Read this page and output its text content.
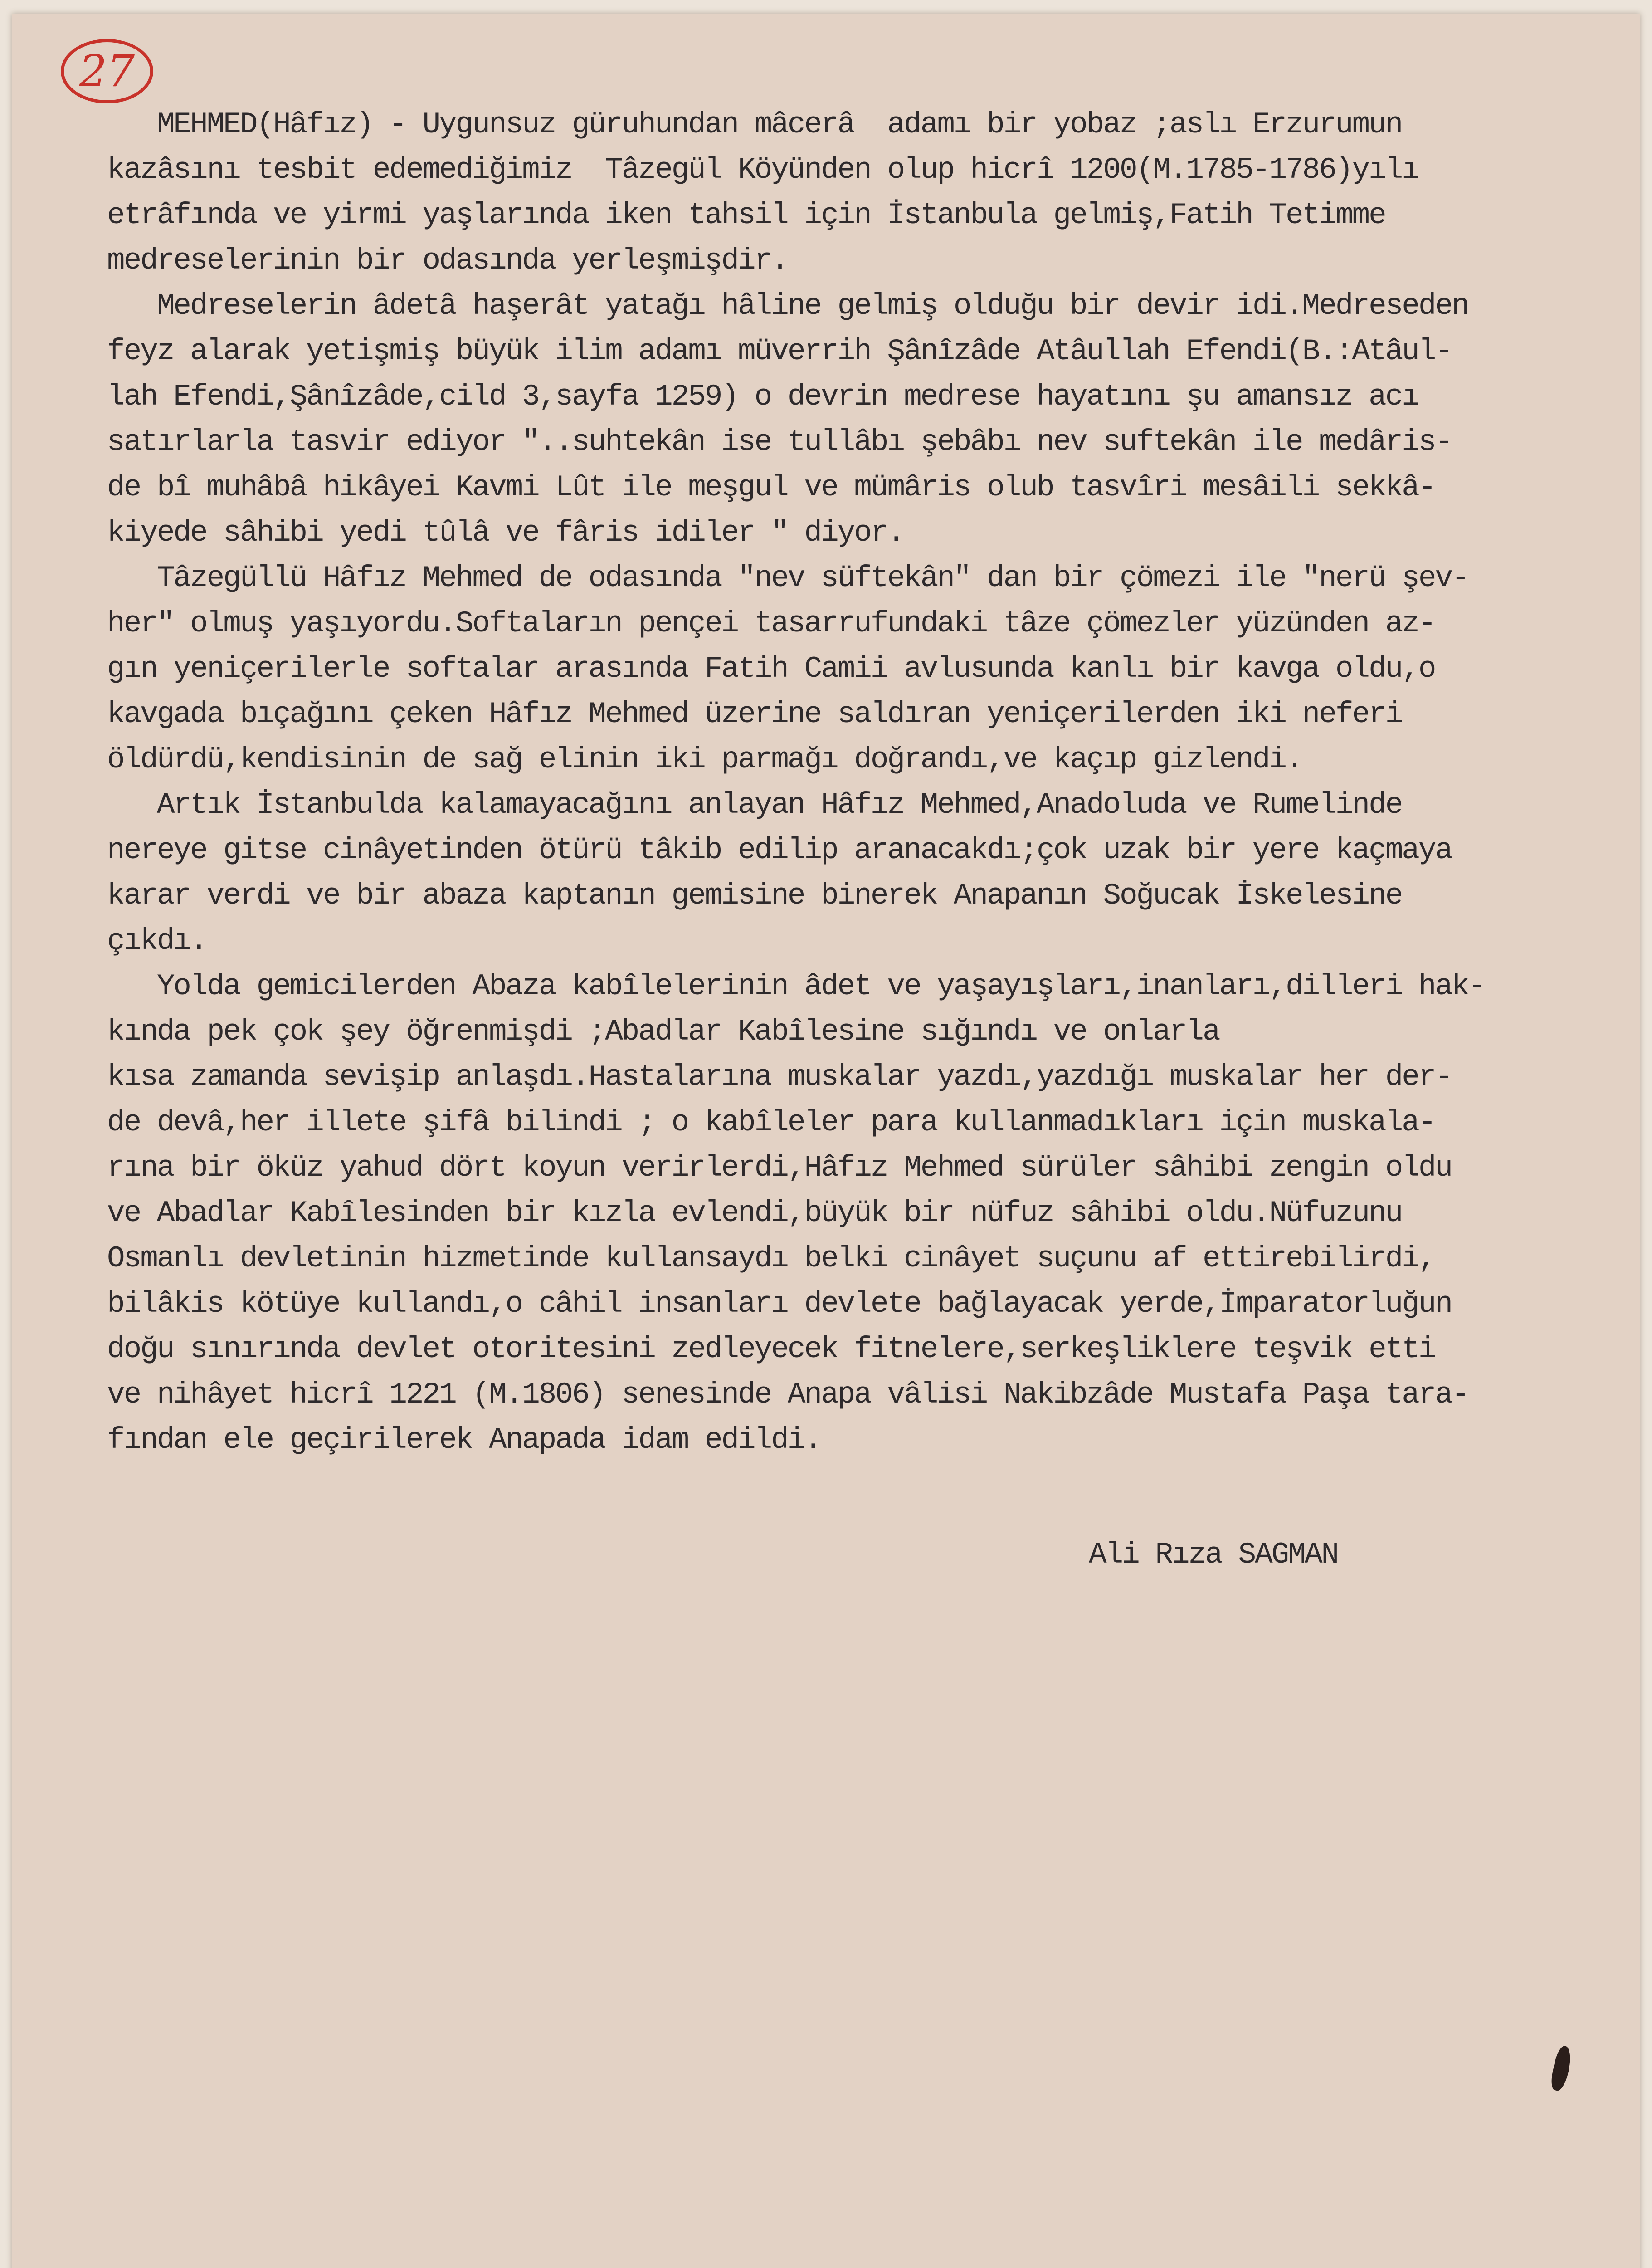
27
MEHMED(Hâfız) - Uygunsuz güruhundan mâcerâ  adamı bir yobaz ;aslı Erzurumun
kazâsını tesbit edemediğimiz  Tâzegül Köyünden olup hicrî 1200(M.1785-1786)yılı
etrâfında ve yirmi yaşlarında iken tahsil için İstanbula gelmiş,Fatih Tetimme
medreselerinin bir odasında yerleşmişdir.
Medreselerin âdetâ haşerât yatağı hâline gelmiş olduğu bir devir idi.Medreseden
feyz alarak yetişmiş büyük ilim adamı müverrih Şânîzâde Atâullah Efendi(B.:Atâul-
lah Efendi,Şânîzâde,cild 3,sayfa 1259) o devrin medrese hayatını şu amansız acı
satırlarla tasvir ediyor "..suhtekân ise tullâbı şebâbı nev suftekân ile medâris-
de bî muhâbâ hikâyei Kavmi Lût ile meşgul ve mümâris olub tasvîri mesâili sekkâ-
kiyede sâhibi yedi tûlâ ve fâris idiler " diyor.
Tâzegüllü Hâfız Mehmed de odasında "nev süftekân" dan bir çömezi ile "nerü şev-
her" olmuş yaşıyordu.Softaların pençei tasarrufundaki tâze çömezler yüzünden az-
gın yeniçerilerle softalar arasında Fatih Camii avlusunda kanlı bir kavga oldu,o
kavgada bıçağını çeken Hâfız Mehmed üzerine saldıran yeniçerilerden iki neferi
öldürdü,kendisinin de sağ elinin iki parmağı doğrandı,ve kaçıp gizlendi.
Artık İstanbulda kalamayacağını anlayan Hâfız Mehmed,Anadoluda ve Rumelinde
nereye gitse cinâyetinden ötürü tâkib edilip aranacakdı;çok uzak bir yere kaçmaya
karar verdi ve bir abaza kaptanın gemisine binerek Anapanın Soğucak İskelesine
çıkdı.
Yolda gemicilerden Abaza kabîlelerinin âdet ve yaşayışları,inanları,dilleri hak-
kında pek çok şey öğrenmişdi ;Abadlar Kabîlesine sığındı ve onlarla
kısa zamanda sevişip anlaşdı.Hastalarına muskalar yazdı,yazdığı muskalar her der-
de devâ,her illete şifâ bilindi ; o kabîleler para kullanmadıkları için muskala-
rına bir öküz yahud dört koyun verirlerdi,Hâfız Mehmed sürüler sâhibi zengin oldu
ve Abadlar Kabîlesinden bir kızla evlendi,büyük bir nüfuz sâhibi oldu.Nüfuzunu
Osmanlı devletinin hizmetinde kullansaydı belki cinâyet suçunu af ettirebilirdi,
bilâkis kötüye kullandı,o câhil insanları devlete bağlayacak yerde,İmparatorluğun
doğu sınırında devlet otoritesini zedleyecek fitnelere,serkeşliklere teşvik etti
ve nihâyet hicrî 1221 (M.1806) senesinde Anapa vâlisi Nakibzâde Mustafa Paşa tara-
fından ele geçirilerek Anapada idam edildi.
Ali Rıza SAGMAN
